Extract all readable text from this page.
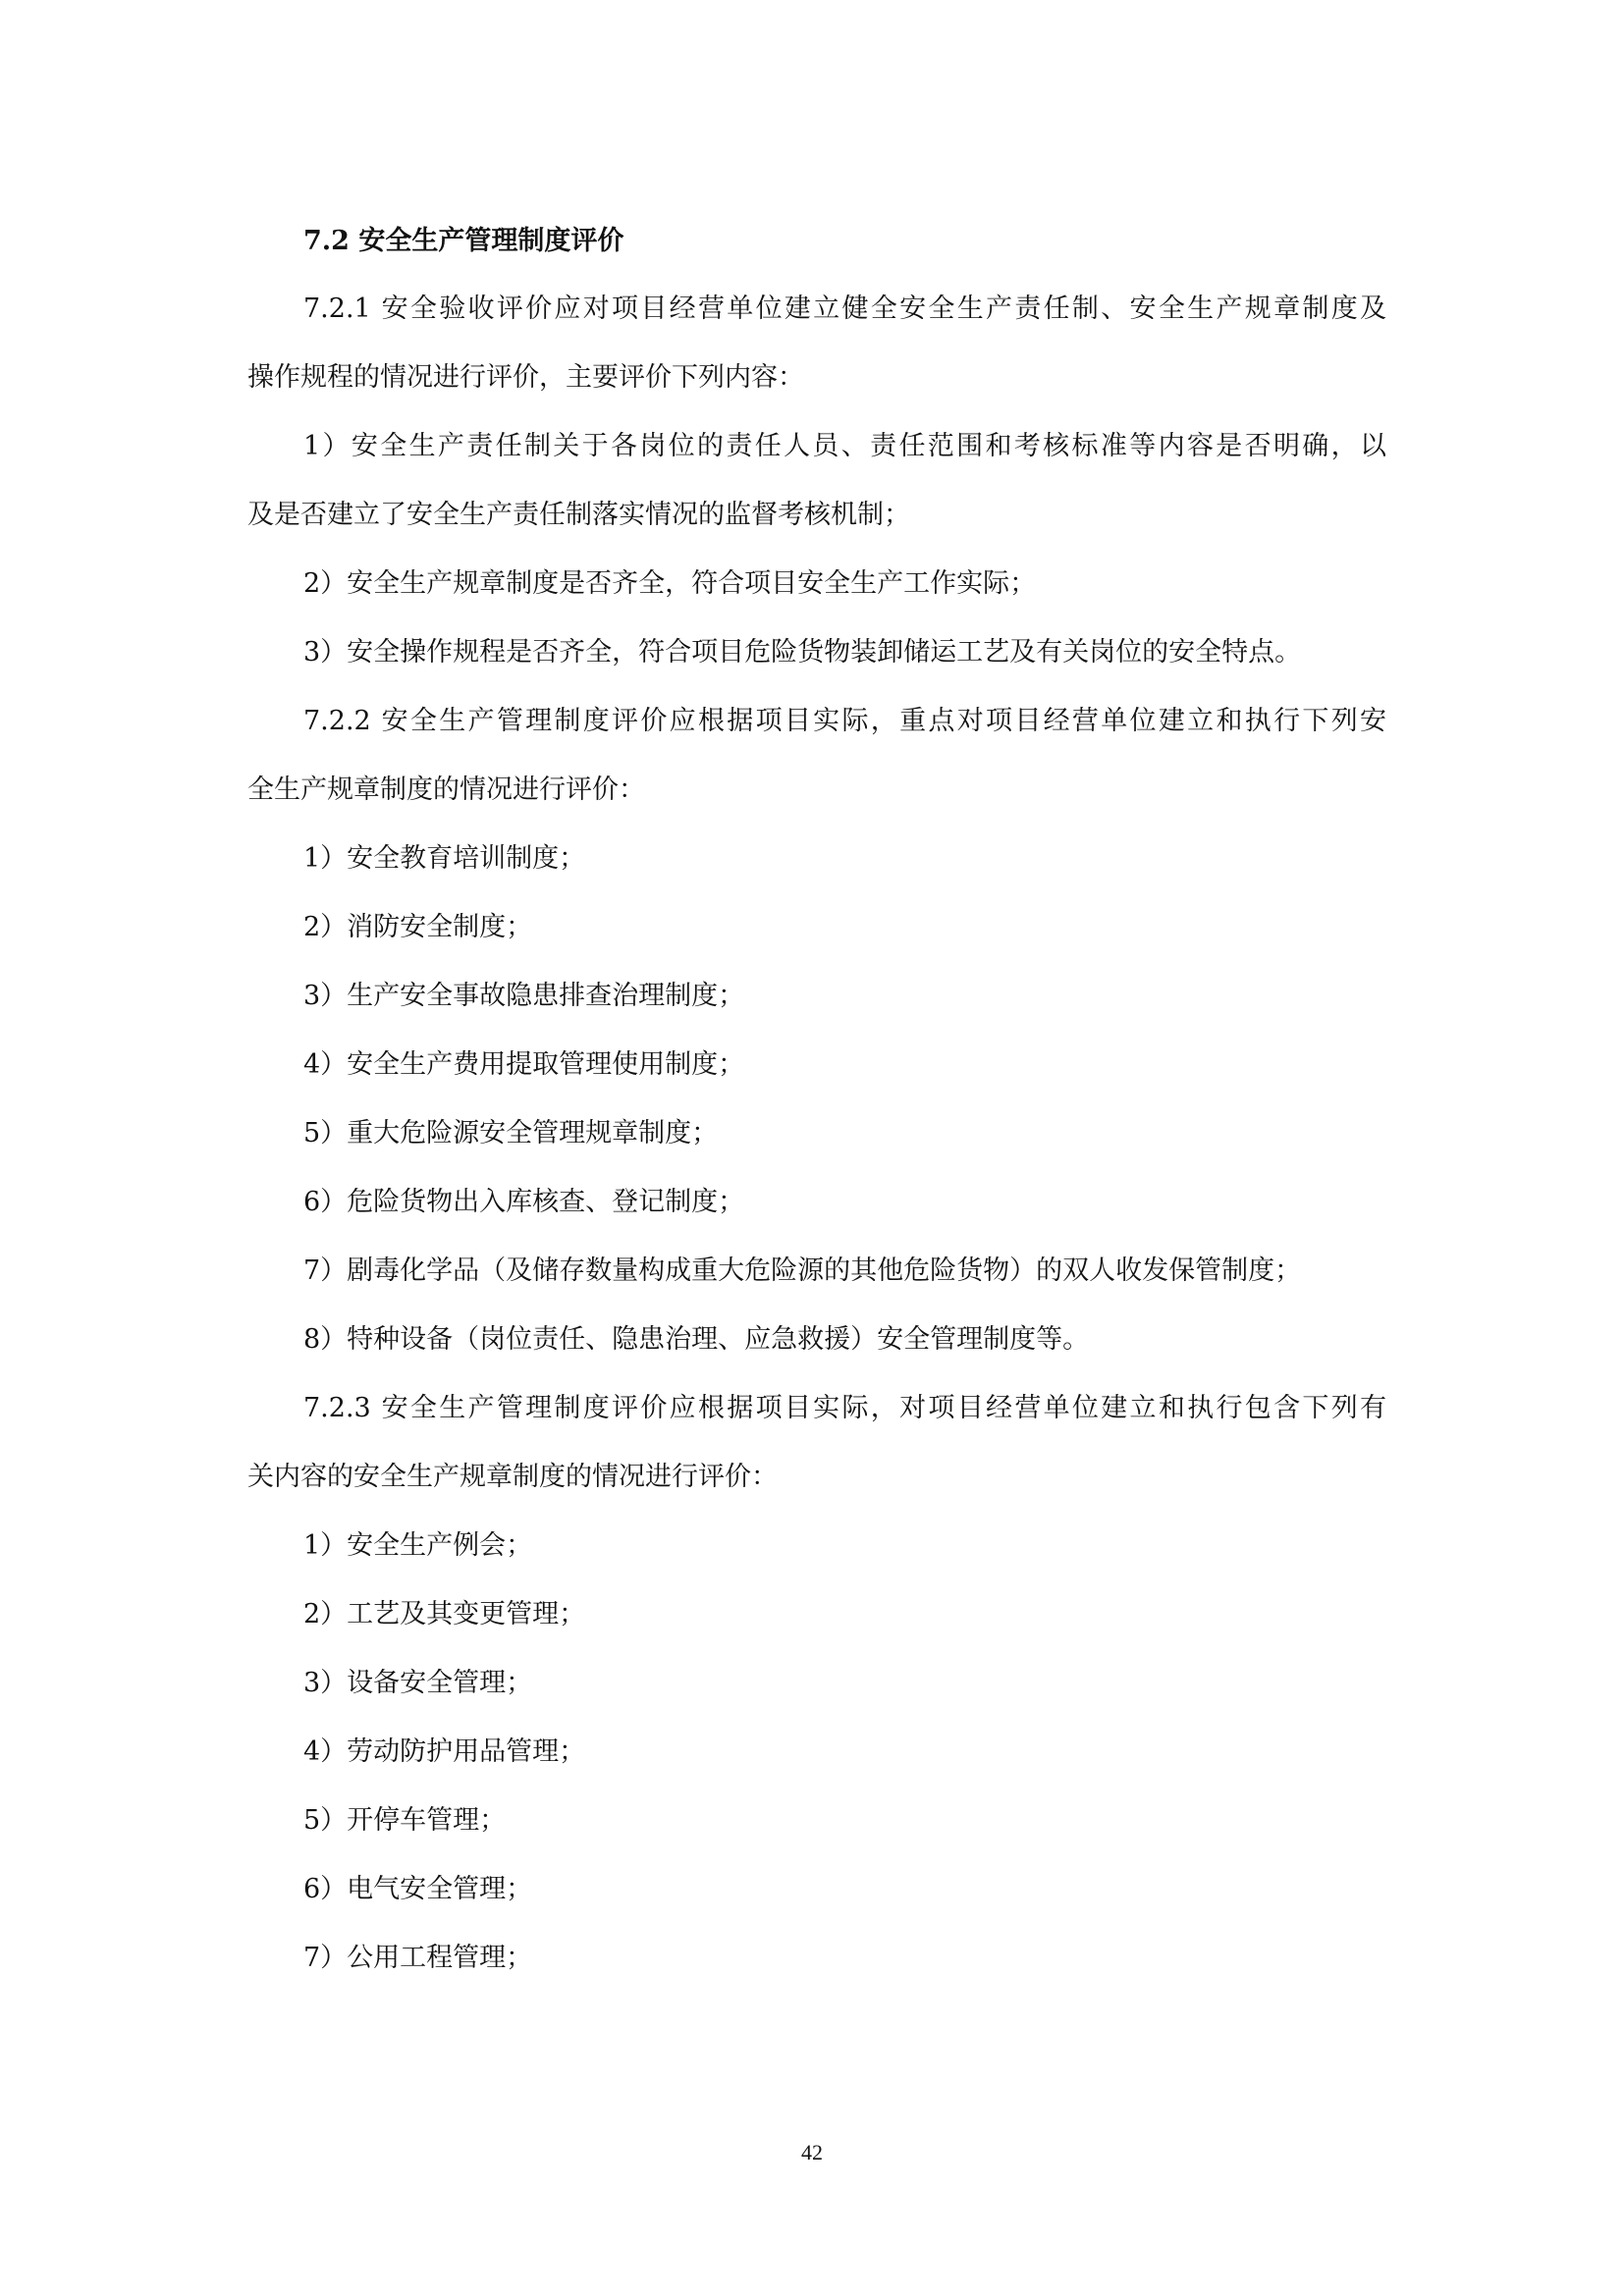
7.2 安全生产管理制度评价
7.2.1 安全验收评价应对项目经营单位建立健全安全生产责任制、安全生产规章制度及
操作规程的情况进行评价，主要评价下列内容：
1）安全生产责任制关于各岗位的责任人员、责任范围和考核标准等内容是否明确，以
及是否建立了安全生产责任制落实情况的监督考核机制；
2）安全生产规章制度是否齐全，符合项目安全生产工作实际；
3）安全操作规程是否齐全，符合项目危险货物装卸储运工艺及有关岗位的安全特点。
7.2.2 安全生产管理制度评价应根据项目实际，重点对项目经营单位建立和执行下列安
全生产规章制度的情况进行评价：
1）安全教育培训制度；
2）消防安全制度；
3）生产安全事故隐患排查治理制度；
4）安全生产费用提取管理使用制度；
5）重大危险源安全管理规章制度；
6）危险货物出入库核查、登记制度；
7）剧毒化学品（及储存数量构成重大危险源的其他危险货物）的双人收发保管制度；
8）特种设备（岗位责任、隐患治理、应急救援）安全管理制度等。
7.2.3 安全生产管理制度评价应根据项目实际，对项目经营单位建立和执行包含下列有
关内容的安全生产规章制度的情况进行评价：
1）安全生产例会；
2）工艺及其变更管理；
3）设备安全管理；
4）劳动防护用品管理；
5）开停车管理；
6）电气安全管理；
7）公用工程管理；
42
